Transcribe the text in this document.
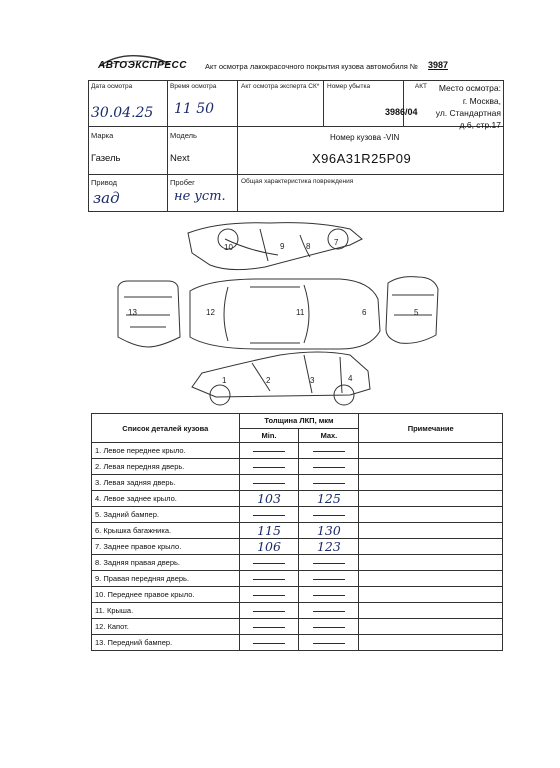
АВТОЭКСПРЕСС Акт осмотра лакокрасочного покрытия кузова автомобиля № 3987
Дата осмотра
30.04.25
Время осмотра
11 50
Акт осмотра эксперта СК* Номер убытка	АКТ
3986/04
Место осмотра:
г. Москва,
ул. Стандартная
д.6, стр.17
Марка
Газель
Модель
Next
Номер кузова -VIN
X96A31R25P09
Привод
зад
Пробег
не уст.
Общая характеристика повреждения
10	9	8	7
13	12	11	6	5
1	2	3	4
Список деталей кузова	Толщина ЛКП, мкм		Примечание
	Min.	Max.	
1. Левое переднее крыло.			
2. Левая передняя дверь.			
3. Левая задняя дверь.			
4. Левое заднее крыло.	103	125	
5. Задний бампер.			
6. Крышка багажника.	115	130	
7. Заднее правое крыло.	106	123	
8. Задняя правая дверь.			
9. Правая передняя дверь.			
10. Переднее правое крыло.			
11. Крыша.			
12. Капот.			
13. Передний бампер.			
